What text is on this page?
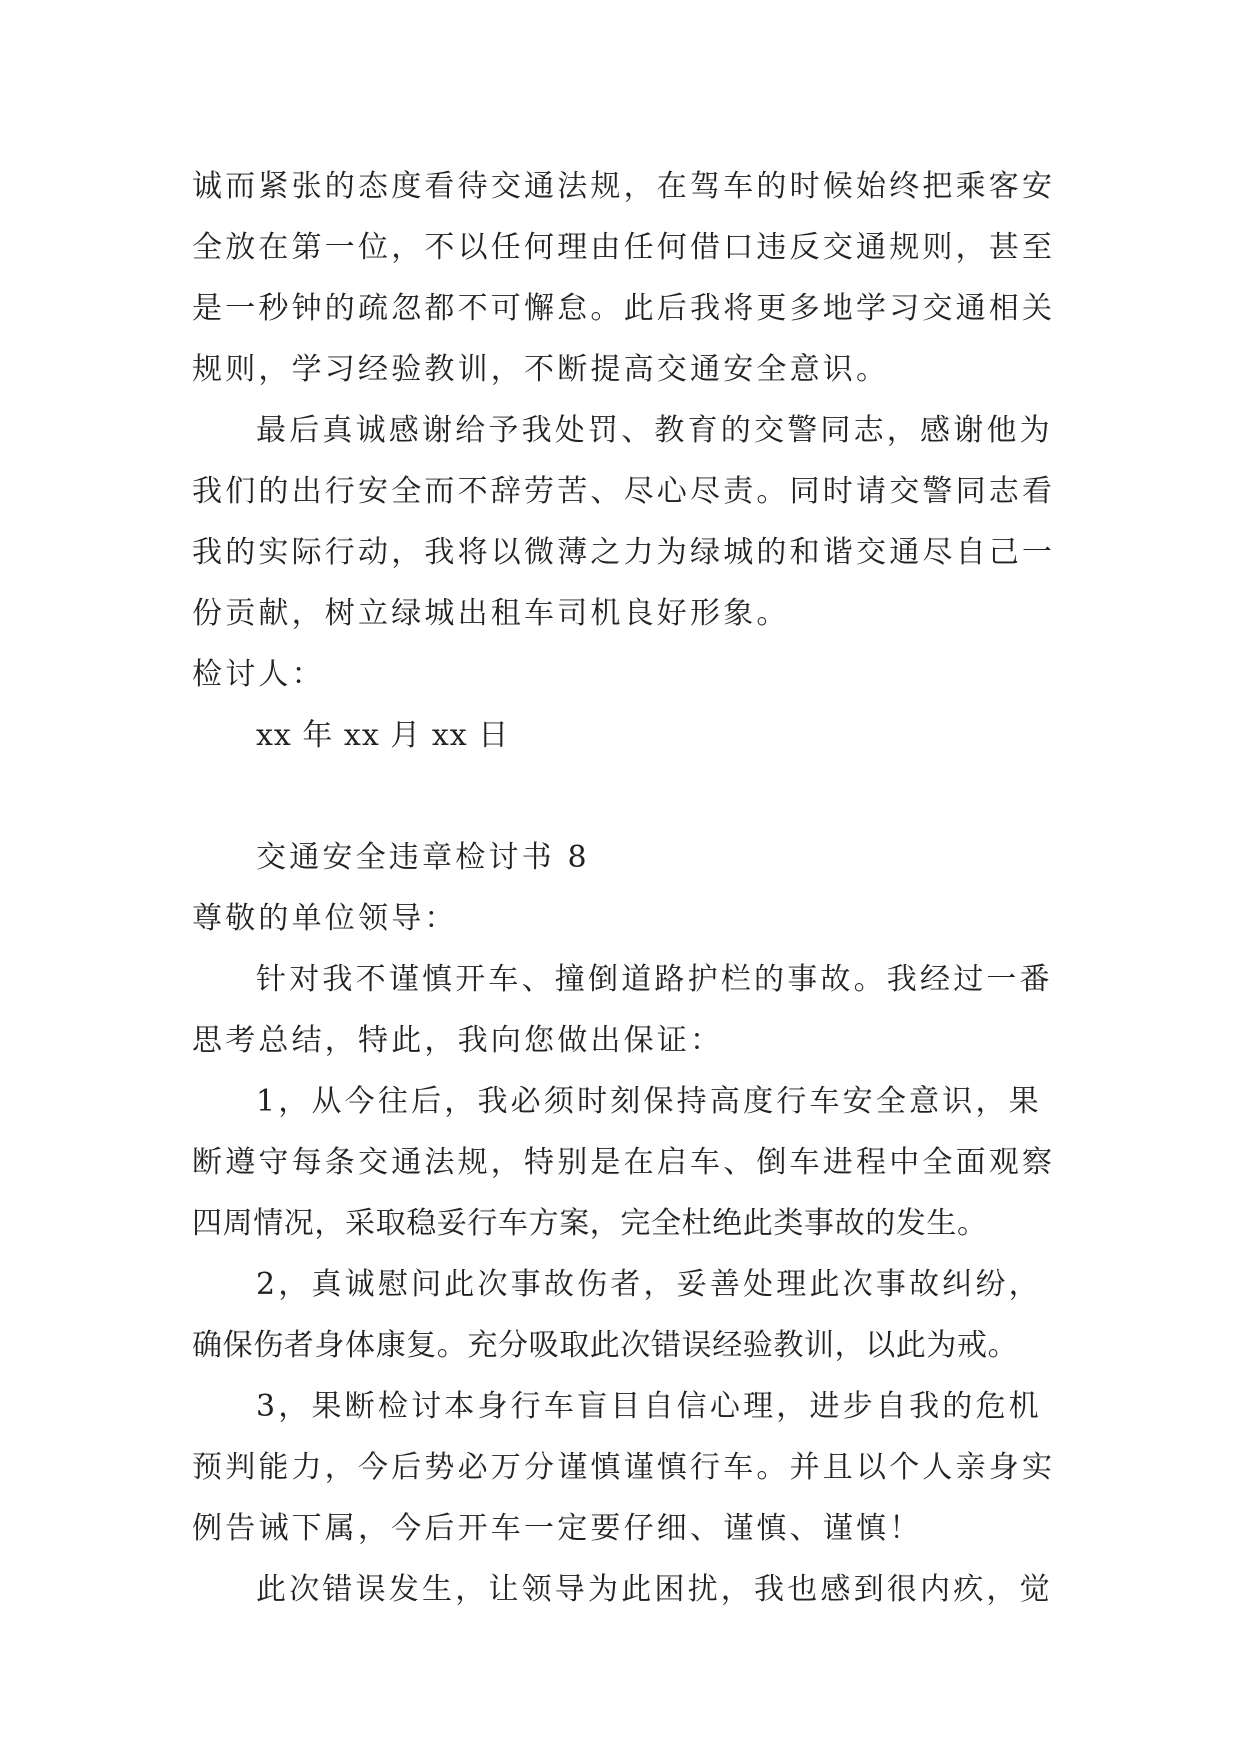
诚而紧张的态度看待交通法规，在驾车的时候始终把乘客安
全放在第一位，不以任何理由任何借口违反交通规则，甚至
是一秒钟的疏忽都不可懈怠。此后我将更多地学习交通相关
规则，学习经验教训，不断提高交通安全意识。
最后真诚感谢给予我处罚、教育的交警同志，感谢他为
我们的出行安全而不辞劳苦、尽心尽责。同时请交警同志看
我的实际行动，我将以微薄之力为绿城的和谐交通尽自己一
份贡献，树立绿城出租车司机良好形象。
检讨人：
xx 年 xx 月 xx 日
交通安全违章检讨书 8
尊敬的单位领导：
针对我不谨慎开车、撞倒道路护栏的事故。我经过一番
思考总结，特此，我向您做出保证：
1，从今往后，我必须时刻保持高度行车安全意识，果
断遵守每条交通法规，特别是在启车、倒车进程中全面观察
四周情况，采取稳妥行车方案，完全杜绝此类事故的发生。
2，真诚慰问此次事故伤者，妥善处理此次事故纠纷，
确保伤者身体康复。充分吸取此次错误经验教训，以此为戒。
3，果断检讨本身行车盲目自信心理，进步自我的危机
预判能力，今后势必万分谨慎谨慎行车。并且以个人亲身实
例告诫下属，今后开车一定要仔细、谨慎、谨慎！
此次错误发生，让领导为此困扰，我也感到很内疚，觉
